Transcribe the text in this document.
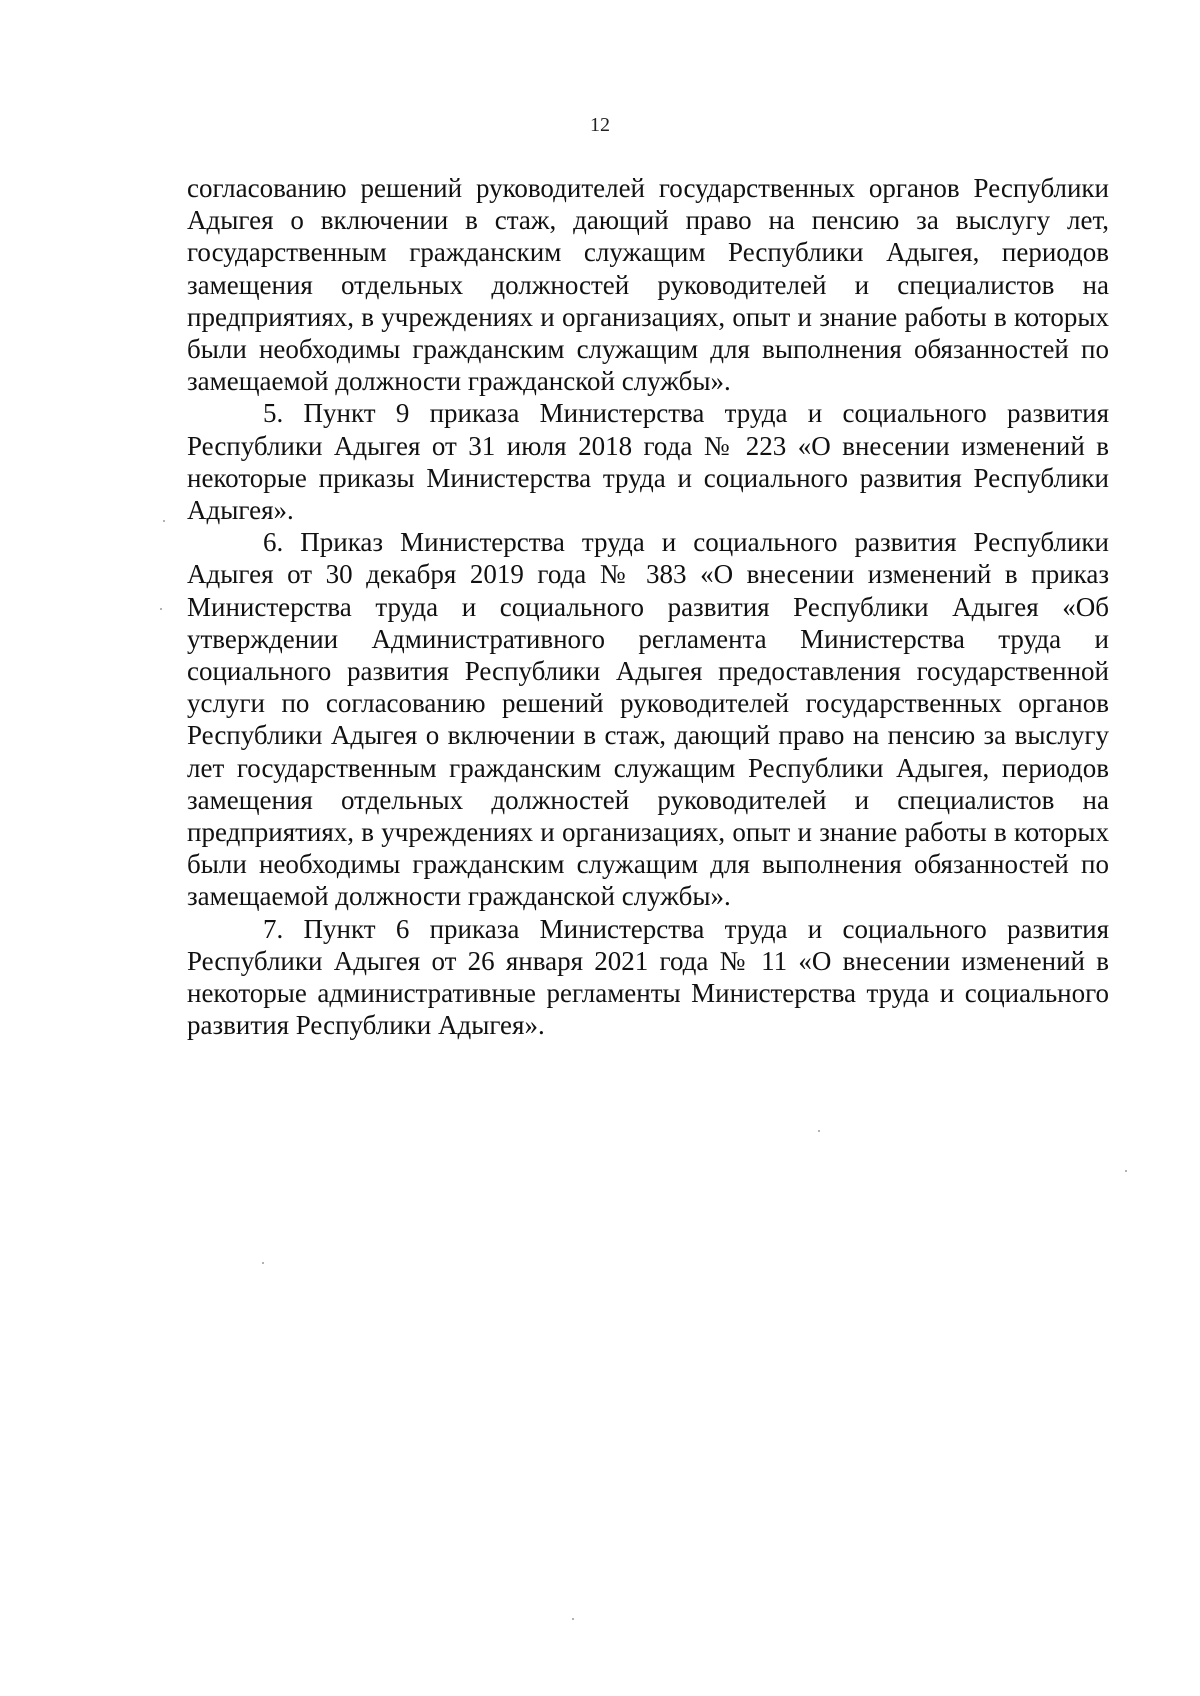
12

согласованию решений руководителей государственных органов Республики Адыгея о включении в стаж, дающий право на пенсию за выслугу лет, государственным гражданским служащим Республики Адыгея, периодов замещения отдельных должностей руководителей и специалистов на предприятиях, в учреждениях и организациях, опыт и знание работы в которых были необходимы гражданским служащим для выполнения обязанностей по замещаемой должности гражданской службы».

5. Пункт 9 приказа Министерства труда и социального развития Республики Адыгея от 31 июля 2018 года № 223 «О внесении изменений в некоторые приказы Министерства труда и социального развития Республики Адыгея».

6. Приказ Министерства труда и социального развития Республики Адыгея от 30 декабря 2019 года № 383 «О внесении изменений в приказ Министерства труда и социального развития Республики Адыгея «Об утверждении Административного регламента Министерства труда и социального развития Республики Адыгея предоставления государственной услуги по согласованию решений руководителей государственных органов Республики Адыгея о включении в стаж, дающий право на пенсию за выслугу лет государственным гражданским служащим Республики Адыгея, периодов замещения отдельных должностей руководителей и специалистов на предприятиях, в учреждениях и организациях, опыт и знание работы в которых были необходимы гражданским служащим для выполнения обязанностей по замещаемой должности гражданской службы».

7. Пункт 6 приказа Министерства труда и социального развития Республики Адыгея от 26 января 2021 года № 11 «О внесении изменений в некоторые административные регламенты Министерства труда и социального развития Республики Адыгея».
